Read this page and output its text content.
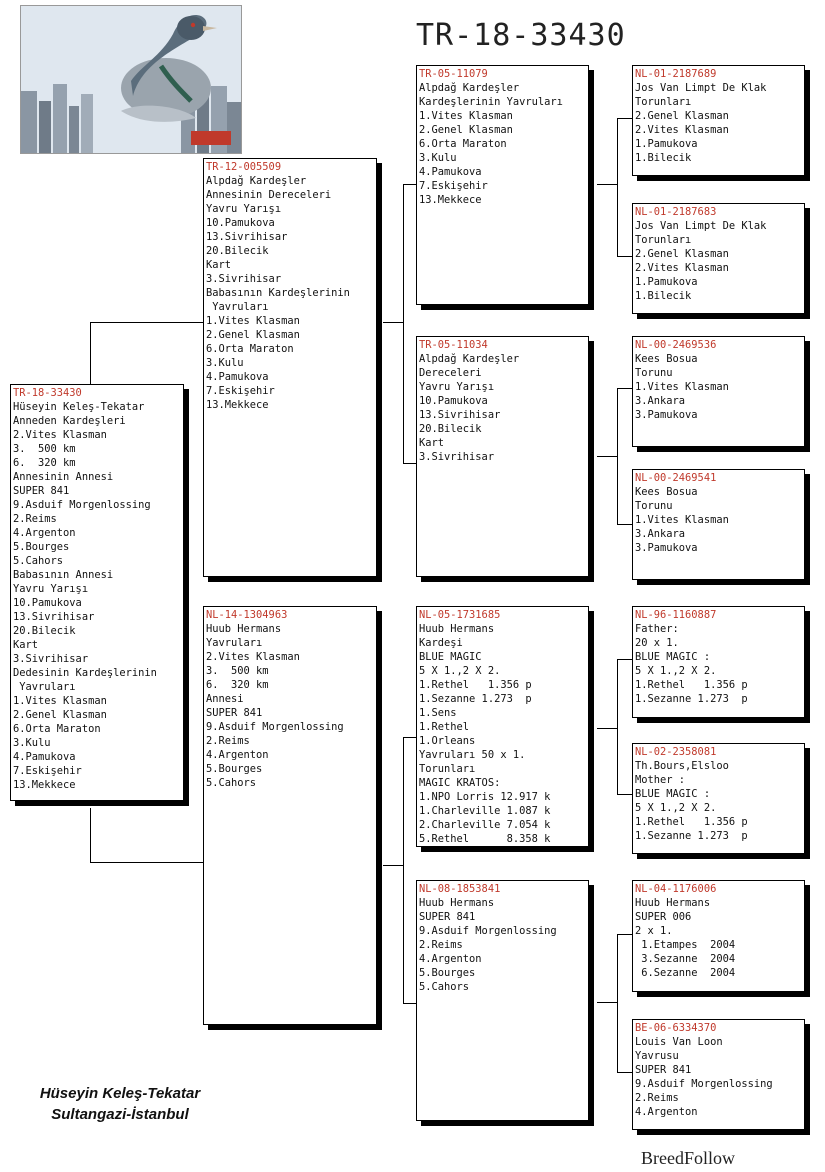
TR-18-33430
TR-18-33430
Hüseyin Keleş-Tekatar
Anneden Kardeşleri
2.Vites Klasman
3.  500 km
6.  320 km
Annesinin Annesi
SUPER 841
9.Asduif Morgenlossing
2.Reims
4.Argenton
5.Bourges
5.Cahors
Babasının Annesi
Yavru Yarışı
10.Pamukova
13.Sivrihisar
20.Bilecik
Kart
3.Sivrihisar
Dedesinin Kardeşlerinin
Yavruları
1.Vites Klasman
2.Genel Klasman
6.Orta Maraton
3.Kulu
4.Pamukova
7.Eskişehir
13.Mekkece
TR-12-005509
Alpdağ Kardeşler
Annesinin Dereceleri
Yavru Yarışı
10.Pamukova
13.Sivrihisar
20.Bilecik
Kart
3.Sivrihisar
Babasının Kardeşlerinin
Yavruları
1.Vites Klasman
2.Genel Klasman
6.Orta Maraton
3.Kulu
4.Pamukova
7.Eskişehir
13.Mekkece
NL-14-1304963
Huub Hermans
Yavruları
2.Vites Klasman
3.  500 km
6.  320 km
Annesi
SUPER 841
9.Asduif Morgenlossing
2.Reims
4.Argenton
5.Bourges
5.Cahors
TR-05-11079
Alpdağ Kardeşler
Kardeşlerinin Yavruları
1.Vites Klasman
2.Genel Klasman
6.Orta Maraton
3.Kulu
4.Pamukova
7.Eskişehir
13.Mekkece
TR-05-11034
Alpdağ Kardeşler
Dereceleri
Yavru Yarışı
10.Pamukova
13.Sivrihisar
20.Bilecik
Kart
3.Sivrihisar
NL-05-1731685
Huub Hermans
Kardeşi
BLUE MAGIC
5 X 1.,2 X 2.
1.Rethel   1.356 p
1.Sezanne 1.273  p
1.Sens
1.Rethel
1.Orleans
Yavruları 50 x 1.
Torunları
MAGIC KRATOS:
1.NPO Lorris 12.917 k
1.Charleville 1.087 k
2.Charleville 7.054 k
5.Rethel      8.358 k
NL-08-1853841
Huub Hermans
SUPER 841
9.Asduif Morgenlossing
2.Reims
4.Argenton
5.Bourges
5.Cahors
NL-01-2187689
Jos Van Limpt De Klak
Torunları
2.Genel Klasman
2.Vites Klasman
1.Pamukova
1.Bilecik
NL-01-2187683
Jos Van Limpt De Klak
Torunları
2.Genel Klasman
2.Vites Klasman
1.Pamukova
1.Bilecik
NL-00-2469536
Kees Bosua
Torunu
1.Vites Klasman
3.Ankara
3.Pamukova
NL-00-2469541
Kees Bosua
Torunu
1.Vites Klasman
3.Ankara
3.Pamukova
NL-96-1160887
Father:
20 x 1.
BLUE MAGIC :
5 X 1.,2 X 2.
1.Rethel   1.356 p
1.Sezanne 1.273  p
NL-02-2358081
Th.Bours,Elsloo
Mother :
BLUE MAGIC :
5 X 1.,2 X 2.
1.Rethel   1.356 p
1.Sezanne 1.273  p
NL-04-1176006
Huub Hermans
SUPER 006
2 x 1.
1.Etampes  2004
3.Sezanne  2004
6.Sezanne  2004
BE-06-6334370
Louis Van Loon
Yavrusu
SUPER 841
9.Asduif Morgenlossing
2.Reims
4.Argenton
Hüseyin Keleş-Tekatar
Sultangazi-İstanbul
BreedFollow
